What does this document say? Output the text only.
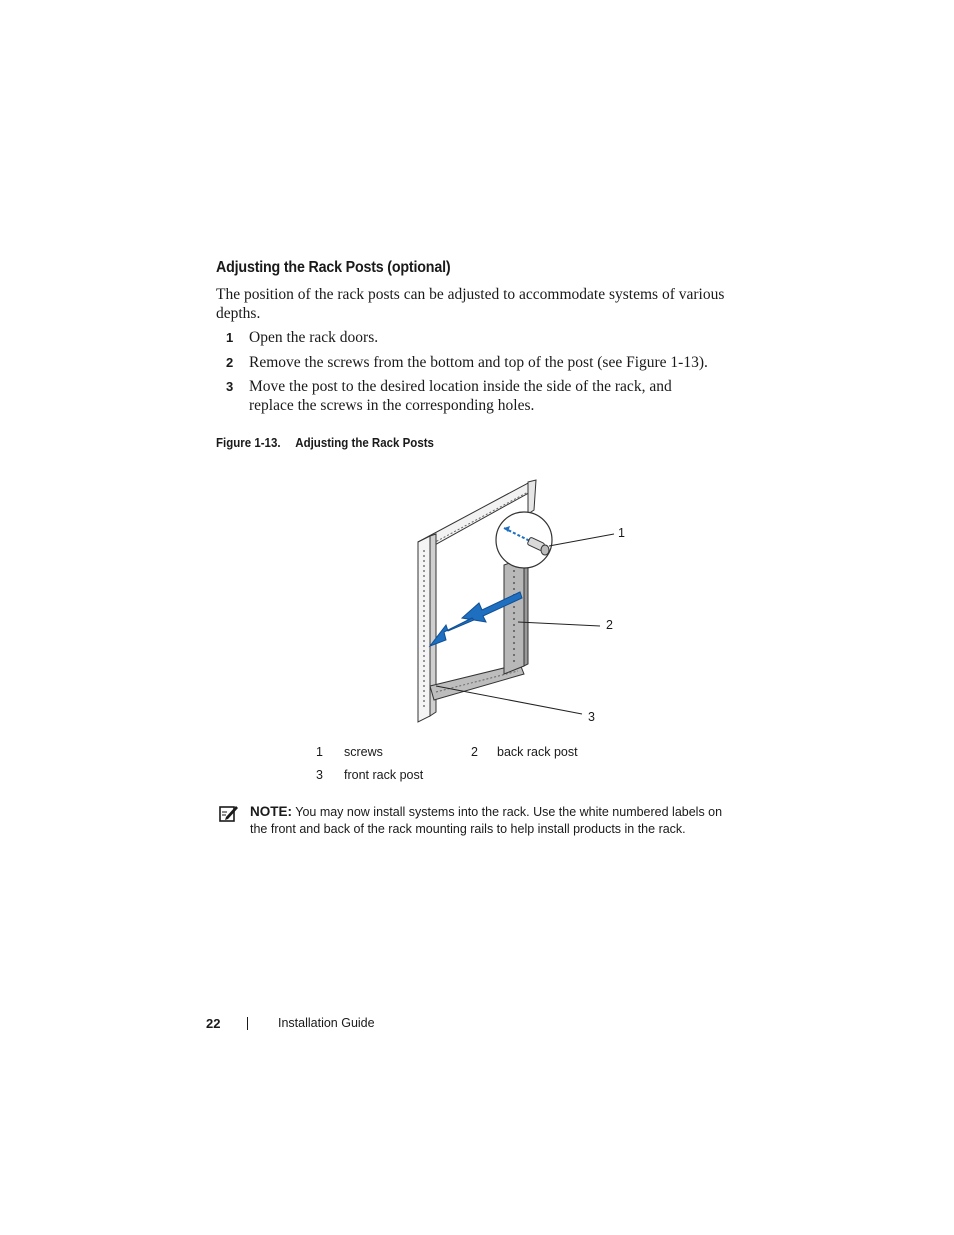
Adjusting the Rack Posts (optional)
The position of the rack posts can be adjusted to accommodate systems of various depths.
1 Open the rack doors.
2 Remove the screws from the bottom and top of the post (see Figure 1-13).
3 Move the post to the desired location inside the side of the rack, and replace the screws in the corresponding holes.
Figure 1-13. Adjusting the Rack Posts
1
2
3
1 screws	2 back rack post
3 front rack post
NOTE: You may now install systems into the rack. Use the white numbered labels on the front and back of the rack mounting rails to help install products in the rack.
22	Installation Guide
